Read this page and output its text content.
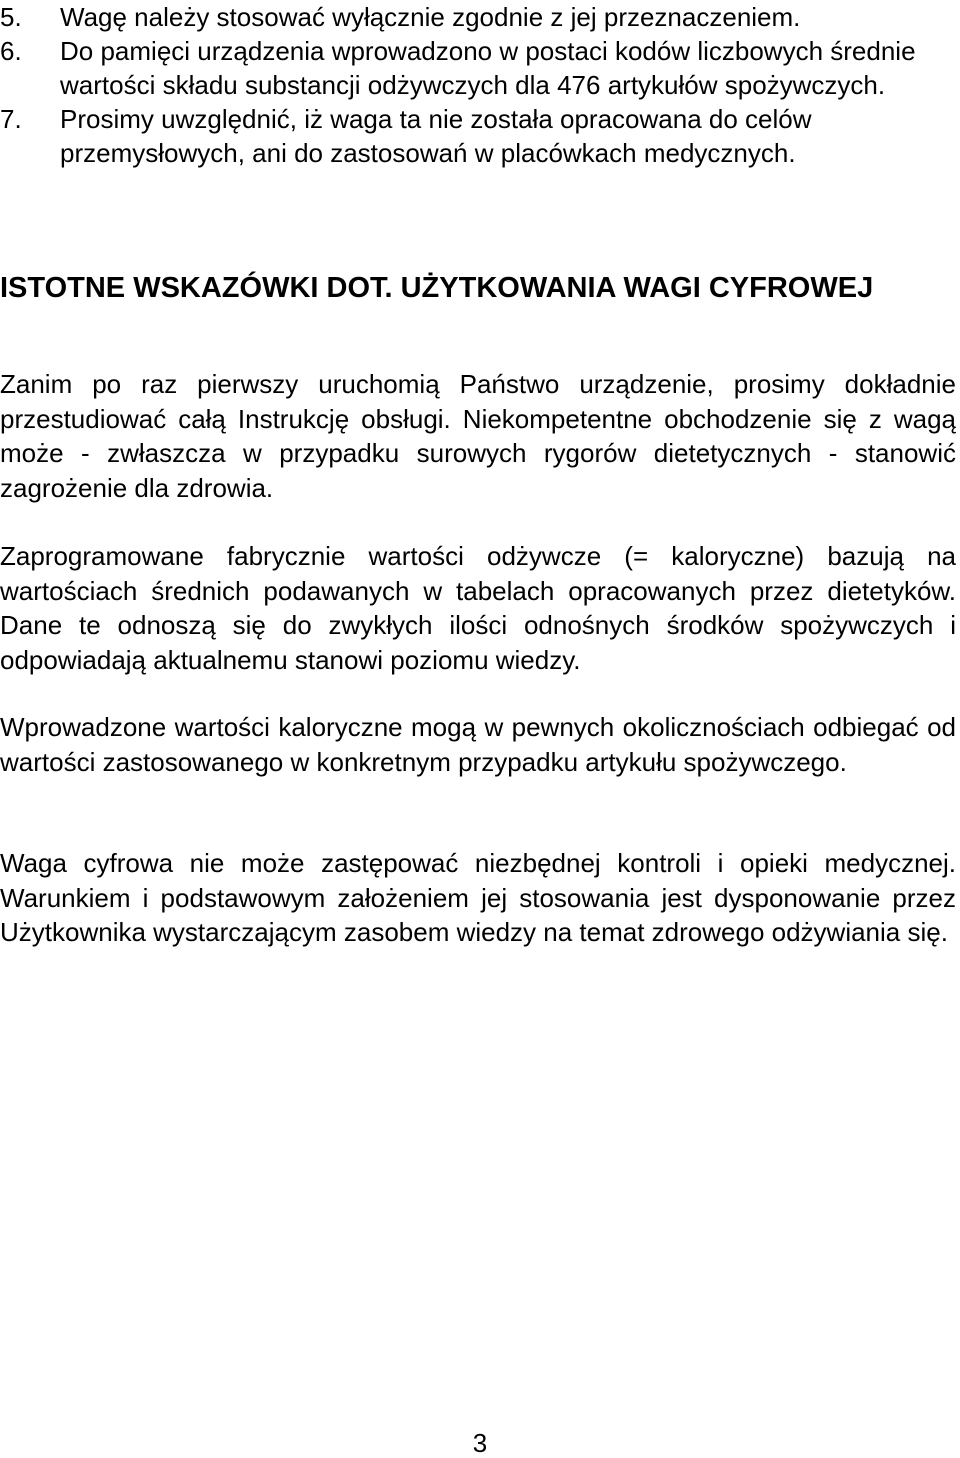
5.	Wagę należy stosować wyłącznie zgodnie z jej przeznaczeniem.
6.	Do pamięci urządzenia wprowadzono w postaci kodów liczbowych średnie wartości składu substancji odżywczych dla 476 artykułów spożywczych.
7.	Prosimy uwzględnić, iż waga ta nie została opracowana do celów przemysłowych, ani do zastosowań w placówkach medycznych.
ISTOTNE WSKAZÓWKI DOT. UŻYTKOWANIA WAGI CYFROWEJ

Zanim po raz pierwszy uruchomią Państwo urządzenie, prosimy dokładnie przestudiować całą Instrukcję obsługi. Niekompetentne obchodzenie się z wagą może - zwłaszcza w przypadku surowych rygorów dietetycznych - stanowić zagrożenie dla zdrowia.

Zaprogramowane fabrycznie wartości odżywcze (= kaloryczne) bazują na wartościach średnich podawanych w tabelach opracowanych przez dietetyków. Dane te odnoszą się do zwykłych ilości odnośnych środków spożywczych i odpowiadają aktualnemu stanowi poziomu wiedzy.

Wprowadzone wartości kaloryczne mogą w pewnych okolicznościach odbiegać od wartości zastosowanego w konkretnym przypadku artykułu spożywczego.

Waga cyfrowa nie może zastępować niezbędnej kontroli i opieki medycznej. Warunkiem i podstawowym założeniem jej stosowania jest dysponowanie przez Użytkownika wystarczającym zasobem wiedzy na temat zdrowego odżywiania się.

3
